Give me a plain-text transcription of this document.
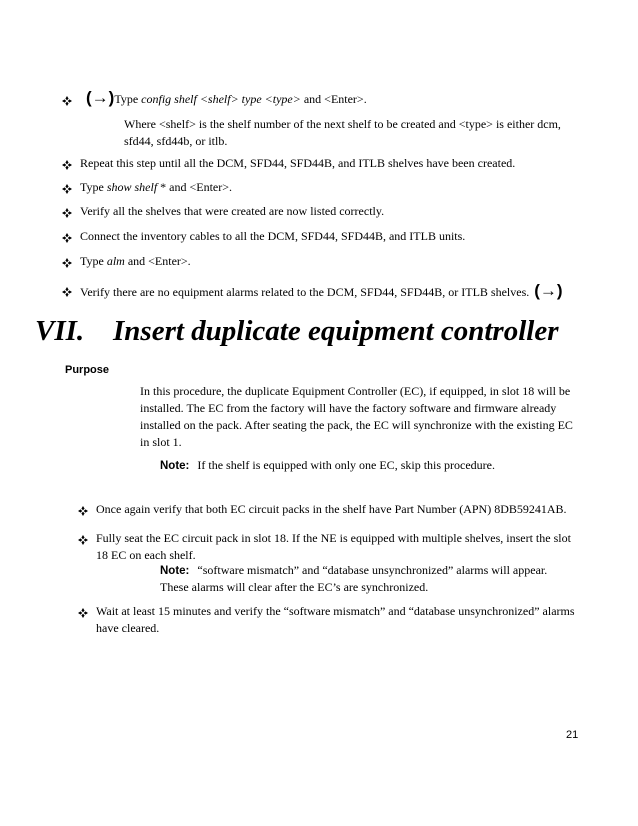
(→)Type config shelf <shelf> type <type> and <Enter>.
Where <shelf> is the shelf number of the next shelf to be created and <type> is either dcm,
sfd44, sfd44b, or itlb.
Repeat this step until all the DCM, SFD44, SFD44B, and ITLB shelves have been created.
Type show shelf * and <Enter>.
Verify all the shelves that were created are now listed correctly.
Connect the inventory cables to all the DCM, SFD44, SFD44B, and ITLB units.
Type alm and <Enter>.
Verify there are no equipment alarms related to the DCM, SFD44, SFD44B, or ITLB shelves. (→)
VII. Insert duplicate equipment controller
Purpose
In this procedure, the duplicate Equipment Controller (EC), if equipped, in slot 18 will be
installed. The EC from the factory will have the factory software and firmware already
installed on the pack. After seating the pack, the EC will synchronize with the existing EC
in slot 1.
Note: If the shelf is equipped with only one EC, skip this procedure.
Once again verify that both EC circuit packs in the shelf have Part Number (APN) 8DB59241AB.
Fully seat the EC circuit pack in slot 18. If the NE is equipped with multiple shelves, insert the slot
18 EC on each shelf.
Note: “software mismatch” and “database unsynchronized” alarms will appear.
These alarms will clear after the EC’s are synchronized.
Wait at least 15 minutes and verify the “software mismatch” and “database unsynchronized” alarms
have cleared.
21
